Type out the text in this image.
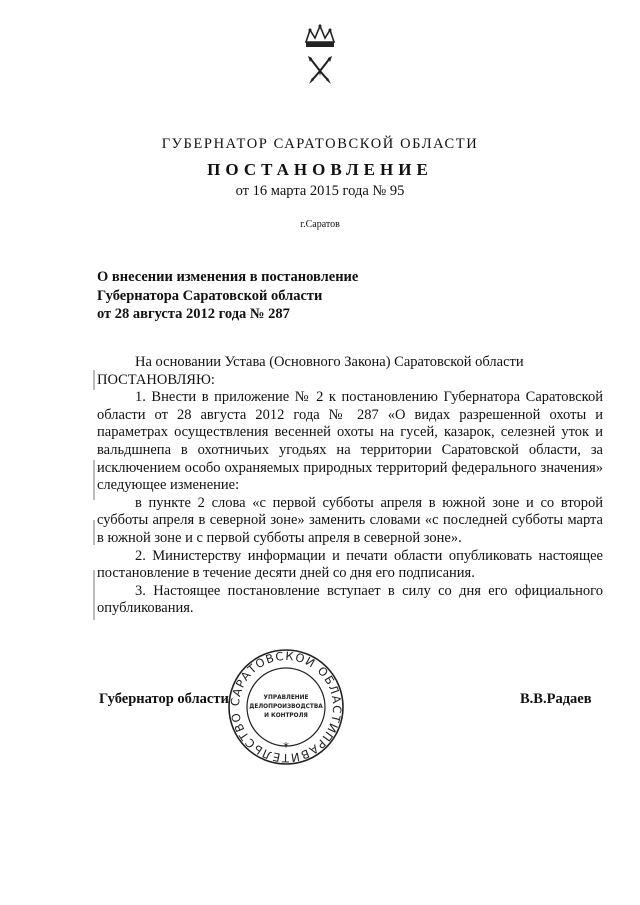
ГУБЕРНАТОР САРАТОВСКОЙ ОБЛАСТИ
ПОСТАНОВЛЕНИЕ
от 16 марта 2015 года № 95
г.Саратов
О внесении изменения в постановление
Губернатора Саратовской области
от 28 августа 2012 года № 287

На основании Устава (Основного Закона) Саратовской области

ПОСТАНОВЛЯЮ:

1. Внести в приложение № 2 к постановлению Губернатора Саратовской области от 28 августа 2012 года № 287 «О видах разрешенной охоты и параметрах осуществления весенней охоты на гусей, казарок, селезней уток и вальдшнепа в охотничьих угодьях на территории Саратовской области, за исключением особо охраняемых природных территорий федерального значения» следующее изменение:

в пункте 2 слова «с первой субботы апреля в южной зоне и со второй субботы апреля в северной зоне» заменить словами «с последней субботы марта в южной зоне и с первой субботы апреля в северной зоне».

2. Министерству информации и печати области опубликовать настоящее постановление в течение десяти дней со дня его подписания.

3. Настоящее постановление вступает в силу со дня его официального опубликования.

Губернатор области	В.В.Радаев
ПРАВИТЕЛЬСТВО САРАТОВСКОЙ ОБЛАСТИ
УПРАВЛЕНИЕ
ДЕЛОПРОИЗВОДСТВА
И КОНТРОЛЯ
*
